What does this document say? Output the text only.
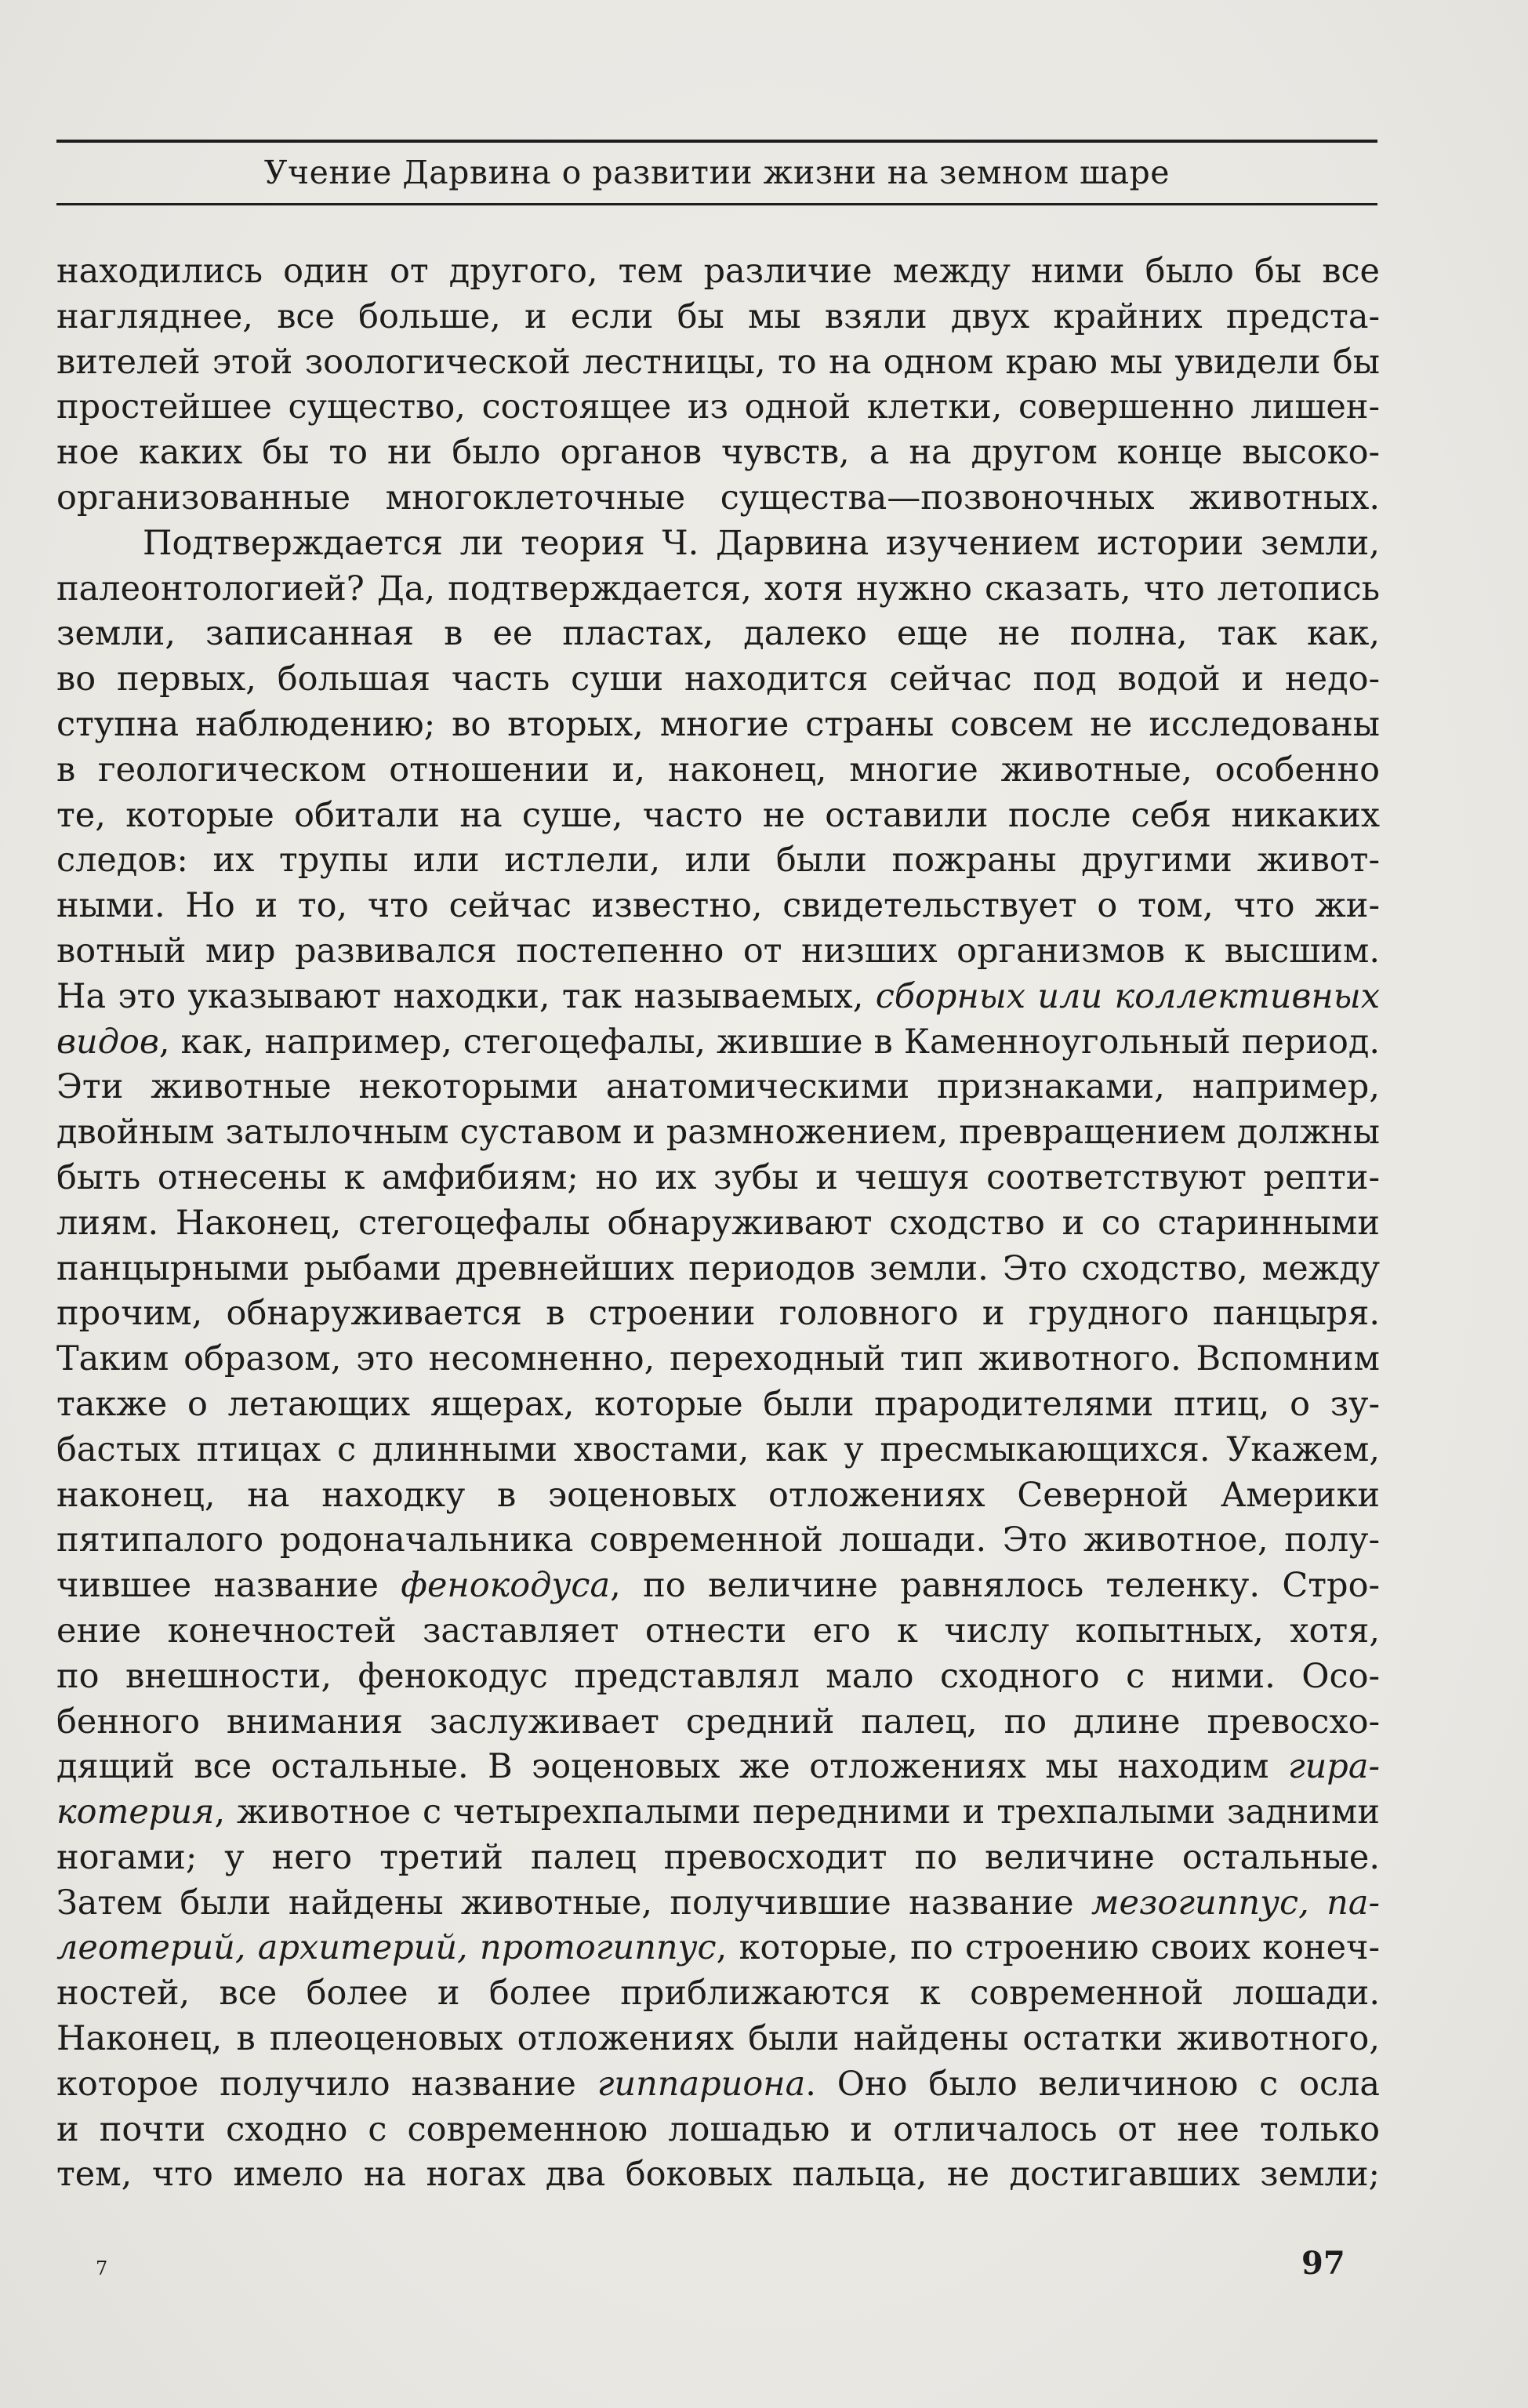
Учение Дарвина о развитии жизни на земном шаре
находились один от другого, тем различие между ними было бы все
нагляднее, все больше, и если бы мы взяли двух крайних предста-
вителей этой зоологической лестницы, то на одном краю мы увидели бы
простейшее существо, состоящее из одной клетки, совершенно лишен-
ное каких бы то ни было органов чувств, а на другом конце высоко-
организованные многоклеточные существа—позвоночных животных.
Подтверждается ли теория Ч. Дарвина изучением истории земли,
палеонтологией? Да, подтверждается, хотя нужно сказать, что летопись
земли, записанная в ее пластах, далеко еще не полна, так как,
во первых, большая часть суши находится сейчас под водой и недо-
ступна наблюдению; во вторых, многие страны совсем не исследованы
в геологическом отношении и, наконец, многие животные, особенно
те, которые обитали на суше, часто не оставили после себя никаких
следов: их трупы или истлели, или были пожраны другими живот-
ными. Но и то, что сейчас известно, свидетельствует о том, что жи-
вотный мир развивался постепенно от низших организмов к высшим.
На это указывают находки, так называемых, сборных или коллективных
видов, как, например, стегоцефалы, жившие в Каменноугольный период.
Эти животные некоторыми анатомическими признаками, например,
двойным затылочным суставом и размножением, превращением должны
быть отнесены к амфибиям; но их зубы и чешуя соответствуют репти-
лиям. Наконец, стегоцефалы обнаруживают сходство и со старинными
панцырными рыбами древнейших периодов земли. Это сходство, между
прочим, обнаруживается в строении головного и грудного панцыря.
Таким образом, это несомненно, переходный тип животного. Вспомним
также о летающих ящерах, которые были прародителями птиц, о зу-
бастых птицах с длинными хвостами, как у пресмыкающихся. Укажем,
наконец, на находку в эоценовых отложениях Северной Америки
пятипалого родоначальника современной лошади. Это животное, полу-
чившее название фенокодуса, по величине равнялось теленку. Стро-
ение конечностей заставляет отнести его к числу копытных, хотя,
по внешности, фенокодус представлял мало сходного с ними. Осо-
бенного внимания заслуживает средний палец, по длине превосхо-
дящий все остальные. В эоценовых же отложениях мы находим гира-
котерия, животное с четырехпалыми передними и трехпалыми задними
ногами; у него третий палец превосходит по величине остальные.
Затем были найдены животные, получившие название мезогиппус, па-
леотерий, архитерий, протогиппус, которые, по строению своих конеч-
ностей, все более и более приближаются к современной лошади.
Наконец, в плеоценовых отложениях были найдены остатки животного,
которое получило название гиппариона. Оно было величиною с осла
и почти сходно с современною лошадью и отличалось от нее только
тем, что имело на ногах два боковых пальца, не достигавших земли;
7	97
